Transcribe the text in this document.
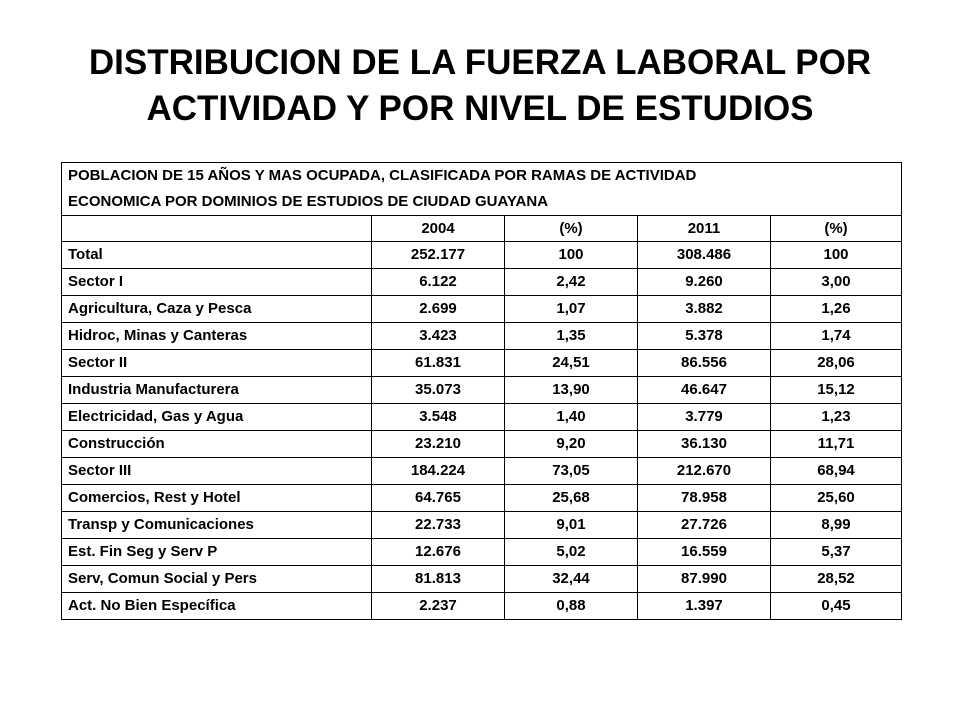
DISTRIBUCION DE LA FUERZA LABORAL POR
ACTIVIDAD Y POR NIVEL DE ESTUDIOS
POBLACION DE 15 AÑOS Y MAS OCUPADA, CLASIFICADA POR RAMAS DE ACTIVIDAD
ECONOMICA POR DOMINIOS DE ESTUDIOS DE CIUDAD GUAYANA				
	2004	(%)	2011	(%)
Total	252.177	100	308.486	100
Sector I	6.122	2,42	9.260	3,00
Agricultura, Caza y Pesca	2.699	1,07	3.882	1,26
Hidroc, Minas y Canteras	3.423	1,35	5.378	1,74
Sector II	61.831	24,51	86.556	28,06
Industria Manufacturera	35.073	13,90	46.647	15,12
Electricidad, Gas y Agua	3.548	1,40	3.779	1,23
Construcción	23.210	9,20	36.130	11,71
Sector III	184.224	73,05	212.670	68,94
Comercios, Rest y Hotel	64.765	25,68	78.958	25,60
Transp y Comunicaciones	22.733	9,01	27.726	8,99
Est. Fin Seg y Serv P	12.676	5,02	16.559	5,37
Serv, Comun Social y Pers	81.813	32,44	87.990	28,52
Act. No Bien Específica	2.237	0,88	1.397	0,45
